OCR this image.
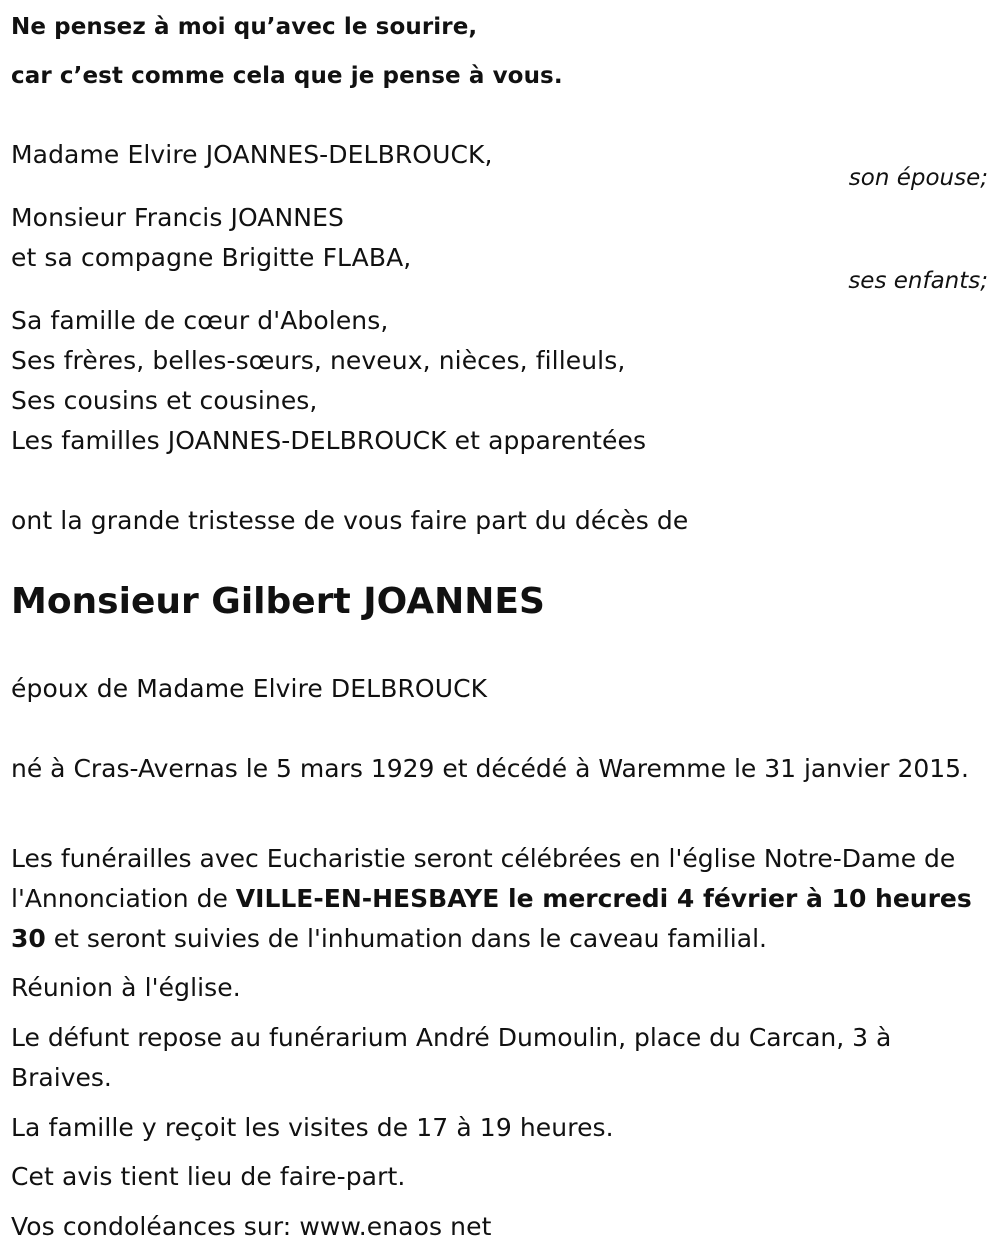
Ne pensez à moi qu’avec le sourire,

car c’est comme cela que je pense à vous.

Madame Elvire JOANNES-DELBROUCK,

son épouse;

Monsieur Francis JOANNES

et sa compagne Brigitte FLABA,

ses enfants;

Sa famille de cœur d'Abolens,

Ses frères, belles-sœurs, neveux, nièces, filleuls,

Ses cousins et cousines,

Les familles JOANNES-DELBROUCK et apparentées

ont la grande tristesse de vous faire part du décès de

Monsieur Gilbert JOANNES

époux de Madame Elvire DELBROUCK

né à Cras-Avernas le 5 mars 1929 et décédé à Waremme le 31 janvier 2015.

Les funérailles avec Eucharistie seront célébrées en l'église Notre-Dame de l'Annonciation de VILLE-EN-HESBAYE le mercredi 4 février à 10 heures 30 et seront suivies de l'inhumation dans le caveau familial.

Réunion à l'église.

Le défunt repose au funérarium André Dumoulin, place du Carcan, 3 à Braives.

La famille y reçoit les visites de 17 à 19 heures.

Cet avis tient lieu de faire-part.

Vos condoléances sur: www.enaos net
